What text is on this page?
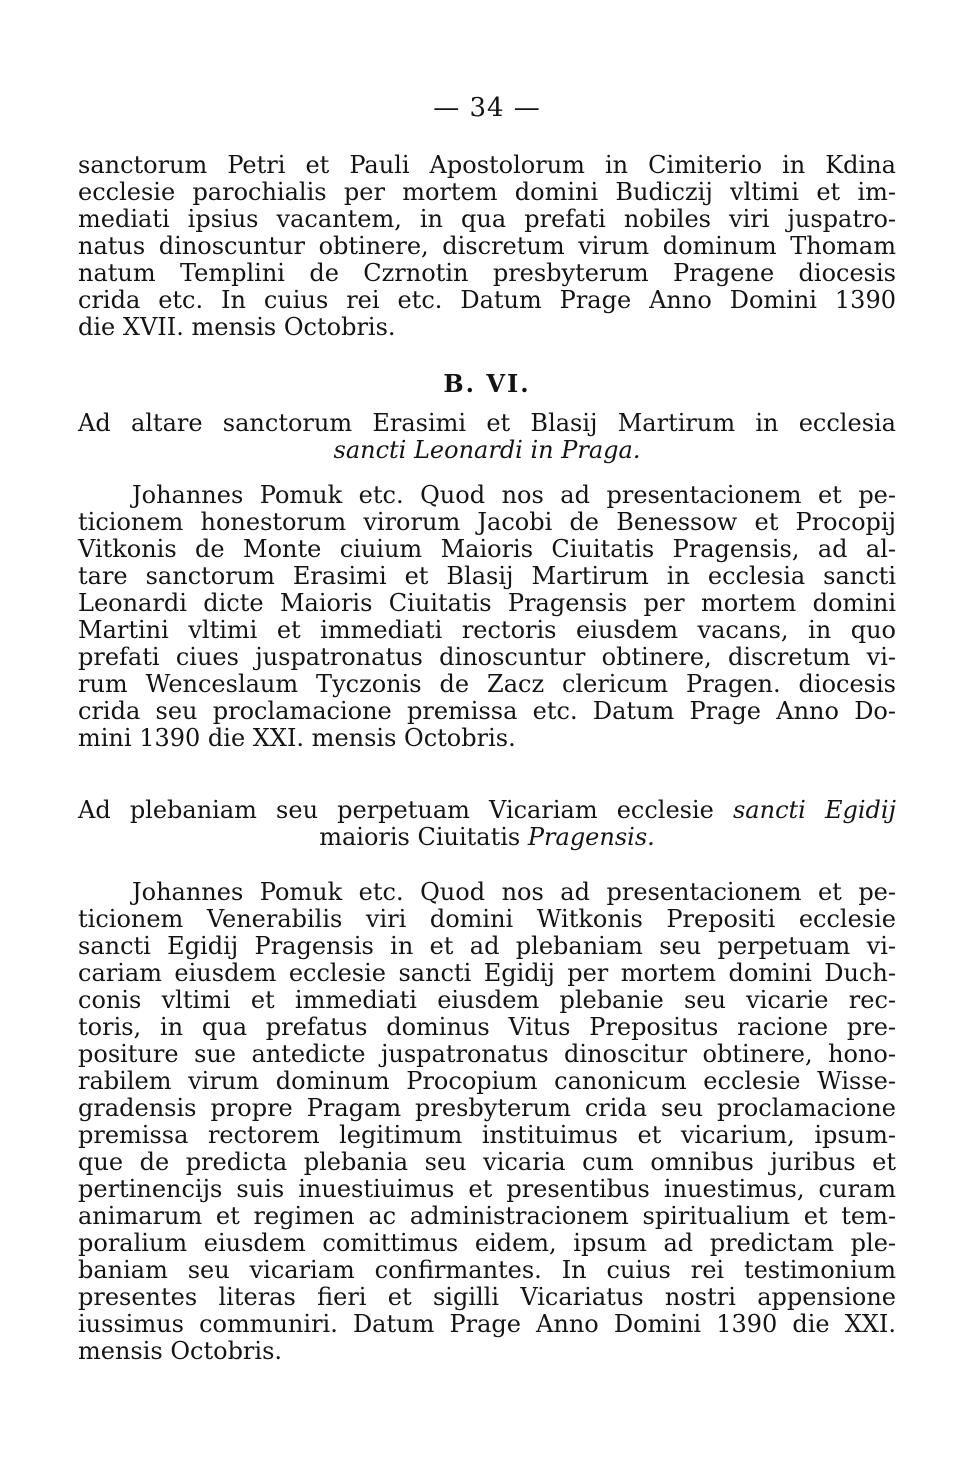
— 34 —
sanctorum Petri et Pauli Apostolorum in Cimiterio in Kdina
ecclesie parochialis per mortem domini Budiczij vltimi et im-
mediati ipsius vacantem, in qua prefati nobiles viri juspatro-
natus dinoscuntur obtinere, discretum virum dominum Thomam
natum Templini de Czrnotin presbyterum Pragene diocesis
crida etc. In cuius rei etc. Datum Prage Anno Domini 1390
die XVII. mensis Octobris.
B. VI.
Ad altare sanctorum Erasimi et Blasij Martirum in ecclesia
sancti Leonardi in Praga.
Johannes Pomuk etc. Quod nos ad presentacionem et pe-
ticionem honestorum virorum Jacobi de Benessow et Procopij
Vitkonis de Monte ciuium Maioris Ciuitatis Pragensis, ad al-
tare sanctorum Erasimi et Blasij Martirum in ecclesia sancti
Leonardi dicte Maioris Ciuitatis Pragensis per mortem domini
Martini vltimi et immediati rectoris eiusdem vacans, in quo
prefati ciues juspatronatus dinoscuntur obtinere, discretum vi-
rum Wenceslaum Tyczonis de Zacz clericum Pragen. diocesis
crida seu proclamacione premissa etc. Datum Prage Anno Do-
mini 1390 die XXI. mensis Octobris.
Ad plebaniam seu perpetuam Vicariam ecclesie sancti Egidij
maioris Ciuitatis Pragensis.
Johannes Pomuk etc. Quod nos ad presentacionem et pe-
ticionem Venerabilis viri domini Witkonis Prepositi ecclesie
sancti Egidij Pragensis in et ad plebaniam seu perpetuam vi-
cariam eiusdem ecclesie sancti Egidij per mortem domini Duch-
conis vltimi et immediati eiusdem plebanie seu vicarie rec-
toris, in qua prefatus dominus Vitus Prepositus racione pre-
positure sue antedicte juspatronatus dinoscitur obtinere, hono-
rabilem virum dominum Procopium canonicum ecclesie Wisse-
gradensis propre Pragam presbyterum crida seu proclamacione
premissa rectorem legitimum instituimus et vicarium, ipsum-
que de predicta plebania seu vicaria cum omnibus juribus et
pertinencijs suis inuestiuimus et presentibus inuestimus, curam
animarum et regimen ac administracionem spiritualium et tem-
poralium eiusdem comittimus eidem, ipsum ad predictam ple-
baniam seu vicariam confirmantes. In cuius rei testimonium
presentes literas fieri et sigilli Vicariatus nostri appensione
iussimus communiri. Datum Prage Anno Domini 1390 die XXI.
mensis Octobris.
